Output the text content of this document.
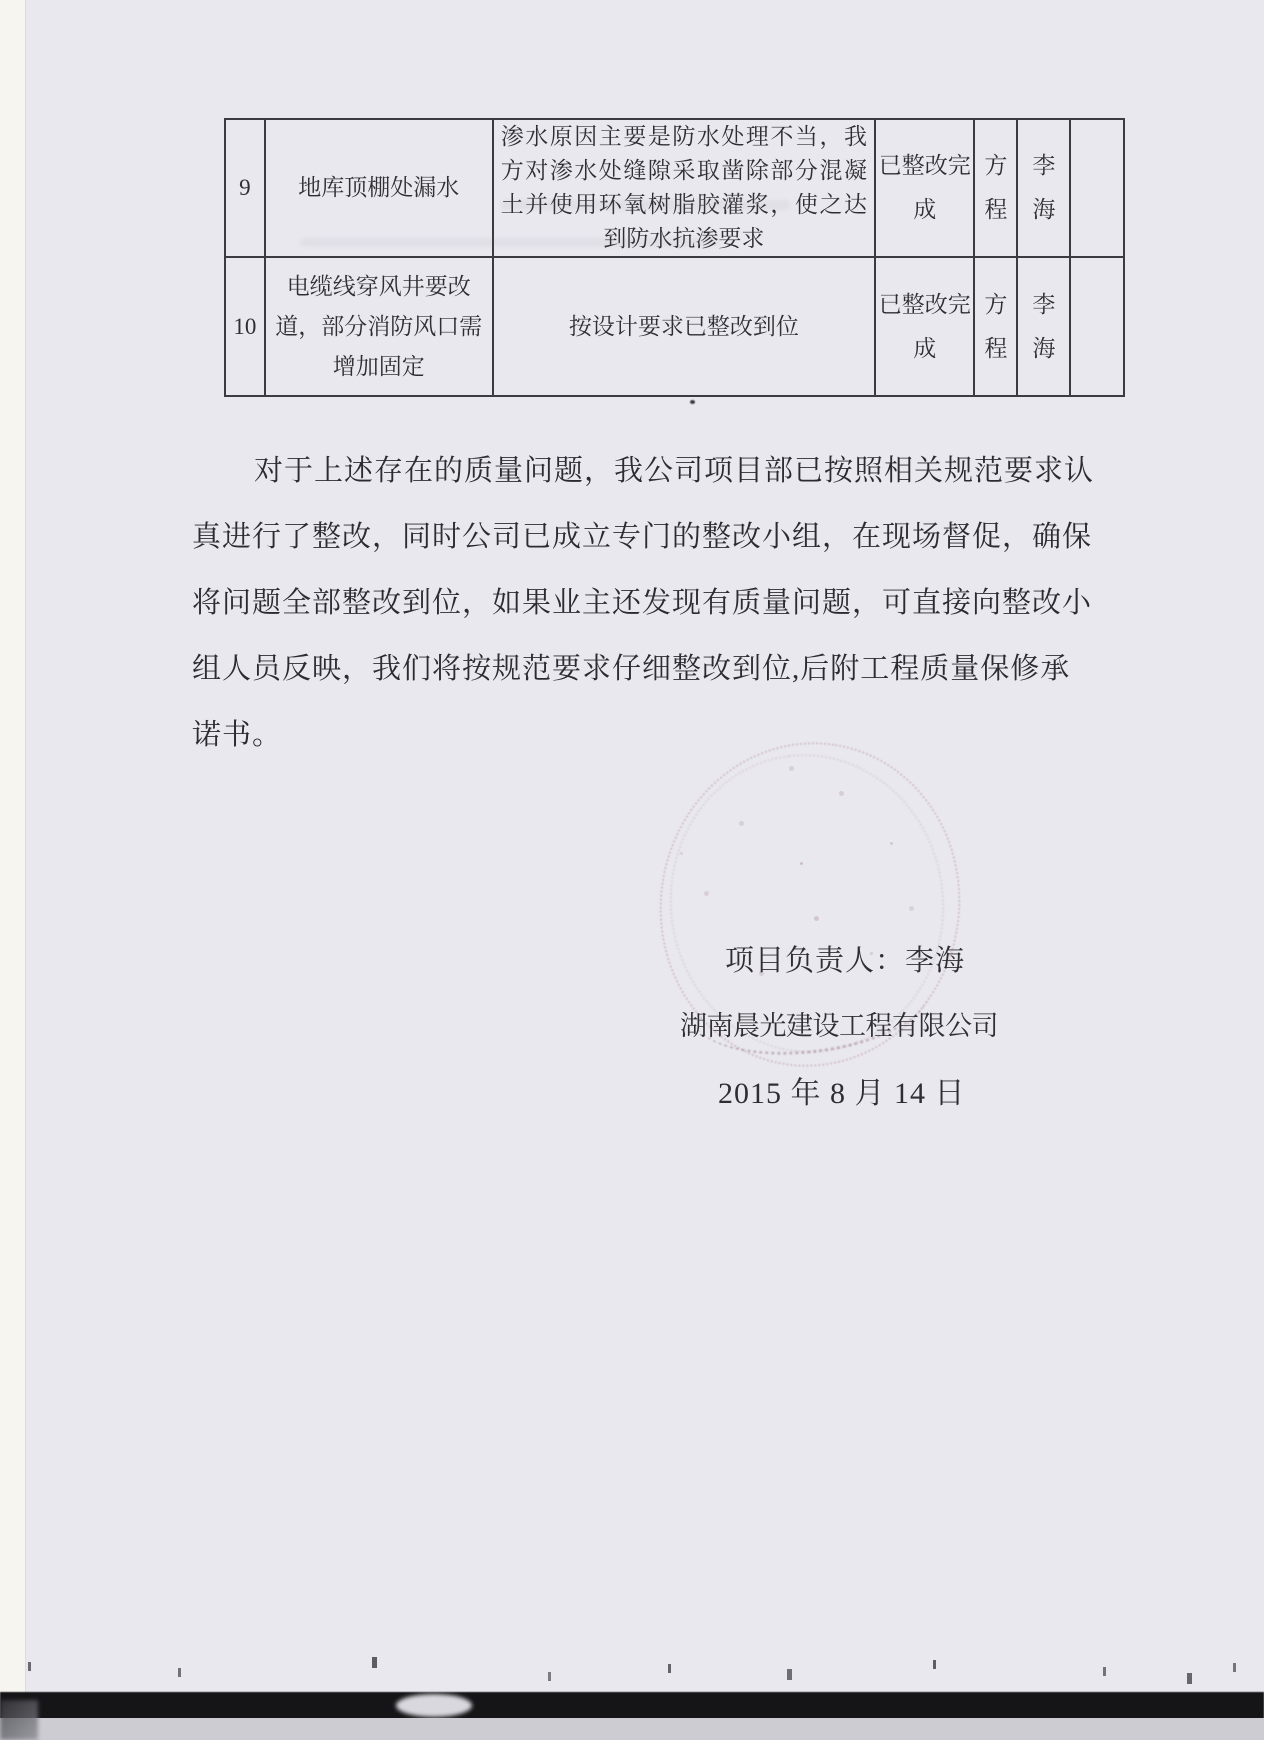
9	地库顶棚处漏水
渗水原因主要是防水处理不当，我方对渗水处缝隙采取凿除部分混凝土并使用环氧树脂胶灌浆，使之达到防水抗渗要求
已整改完成
方程
李海
10
电缆线穿风井要改道，部分消防风口需增加固定
按设计要求已整改到位
已整改完成
方程
李海
对于上述存在的质量问题，我公司项目部已按照相关规范要求认
真进行了整改，同时公司已成立专门的整改小组，在现场督促，确保
将问题全部整改到位，如果业主还发现有质量问题，可直接向整改小
组人员反映，我们将按规范要求仔细整改到位,后附工程质量保修承
诺书。
项目负责人：李海
湖南晨光建设工程有限公司
2015 年 8 月 14 日
